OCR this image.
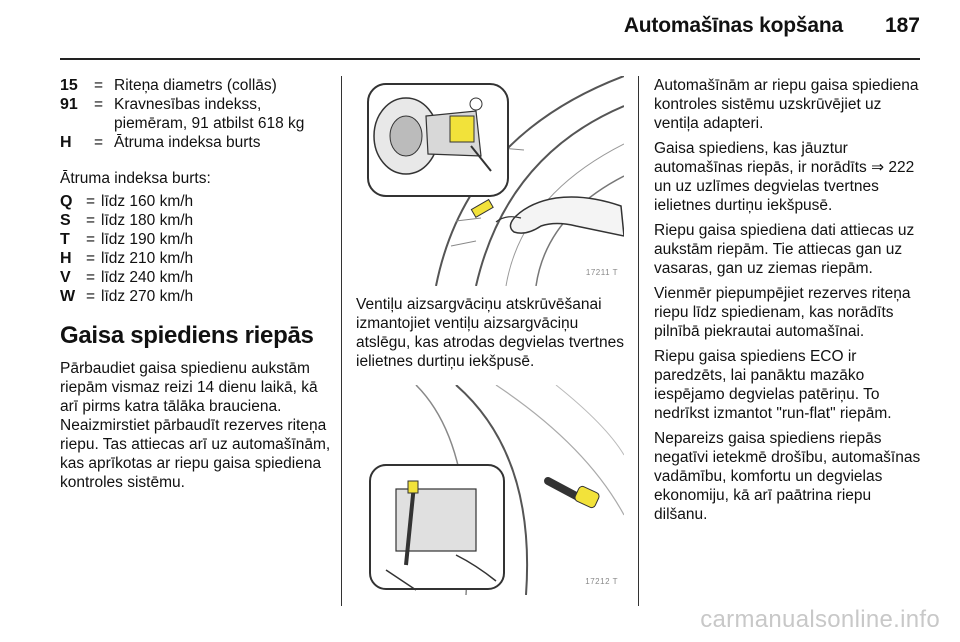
Automašīnas kopšana 187
15	= Riteņa diametrs (collās)
91	= Kravnesības indekss, piemēram, 91 atbilst 618 kg
H	= Ātruma indeksa burts
Ātruma indeksa burts:
Q = līdz 160 km/h
S = līdz 180 km/h
T	= līdz 190 km/h
H = līdz 210 km/h
V = līdz 240 km/h
W = līdz 270 km/h
Gaisa spiediens riepās

Pārbaudiet gaisa spiedienu aukstām riepām vismaz reizi 14 dienu laikā, kā arī pirms katra tālāka brauciena. Neaizmirstiet pārbaudīt rezerves riteņa riepu. Tas attiecas arī uz automašīnām, kas aprīkotas ar riepu gaisa spiediena kontroles sistēmu.

17211 T

Ventiļu aizsargvāciņu atskrūvēšanai izmantojiet ventiļu aizsargvāciņu atslēgu, kas atrodas degvielas tvertnes ielietnes durtiņu iekšpusē.

17212 T

Automašīnām ar riepu gaisa spiediena kontroles sistēmu uzskrūvējiet uz ventiļa adapteri.

Gaisa spiediens, kas jāuztur automašīnas riepās, ir norādīts ⇒ 222 un uz uzlīmes degvielas tvertnes ielietnes durtiņu iekšpusē.

Riepu gaisa spiediena dati attiecas uz aukstām riepām. Tie attiecas gan uz vasaras, gan uz ziemas riepām.

Vienmēr piepumpējiet rezerves riteņa riepu līdz spiedienam, kas norādīts pilnībā piekrautai automašīnai.

Riepu gaisa spiediens ECO ir paredzēts, lai panāktu mazāko iespējamo degvielas patēriņu. To nedrīkst izmantot "run-flat" riepām.

Nepareizs gaisa spiediens riepās negatīvi ietekmē drošību, automašīnas vadāmību, komfortu un degvielas ekonomiju, kā arī paātrina riepu dilšanu.

carmanualsonline.info
